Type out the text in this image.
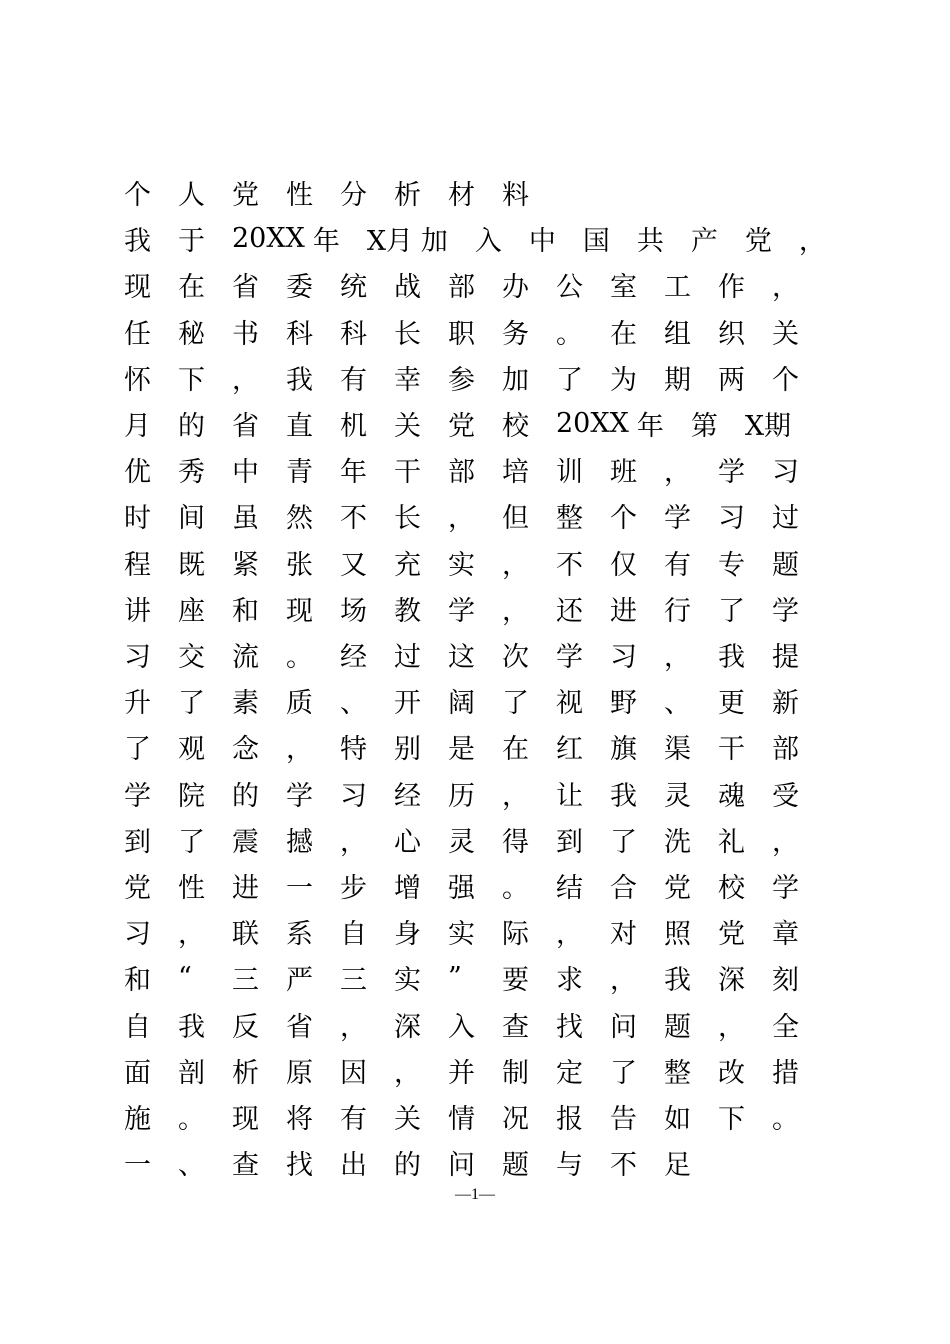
个	人	党	性	分	析	材	料
我	于	20XX 年	X月 加	入	中	国	共	产	党	，
现	在	省	委	统	战	部	办	公	室	工	作	，
任	秘	书	科	科	长	职	务	。	在	组	织	关
怀	下	，	我	有	幸	参	加	了	为	期	两	个
月	的	省	直	机	关	党	校	20XX 年	第	X期
优	秀	中	青	年	干	部	培	训	班	，	学	习
时	间	虽	然	不	长	，	但	整	个	学	习	过
程	既	紧	张	又	充	实	，	不	仅	有	专	题
讲	座	和	现	场	教	学	，	还	进	行	了	学
习	交	流	。	经	过	这	次	学	习	，	我	提
升	了	素	质	、	开	阔	了	视	野	、	更	新
了	观	念	，	特	别	是	在	红	旗	渠	干	部
学	院	的	学	习	经	历	，	让	我	灵	魂	受
到	了	震	撼	，	心	灵	得	到	了	洗	礼	，
党	性	进	一	步	增	强	。	结	合	党	校	学
习	，	联	系	自	身	实	际	，	对	照	党	章
和	“	三	严	三	实	”	要	求	，	我	深	刻
自	我	反	省	，	深	入	查	找	问	题	，	全
面	剖	析	原	因	，	并	制	定	了	整	改	措
施	。	现	将	有	关	情	况	报	告	如	下	。
一	、	查	找	出	的	问	题	与	不	足
—1—
